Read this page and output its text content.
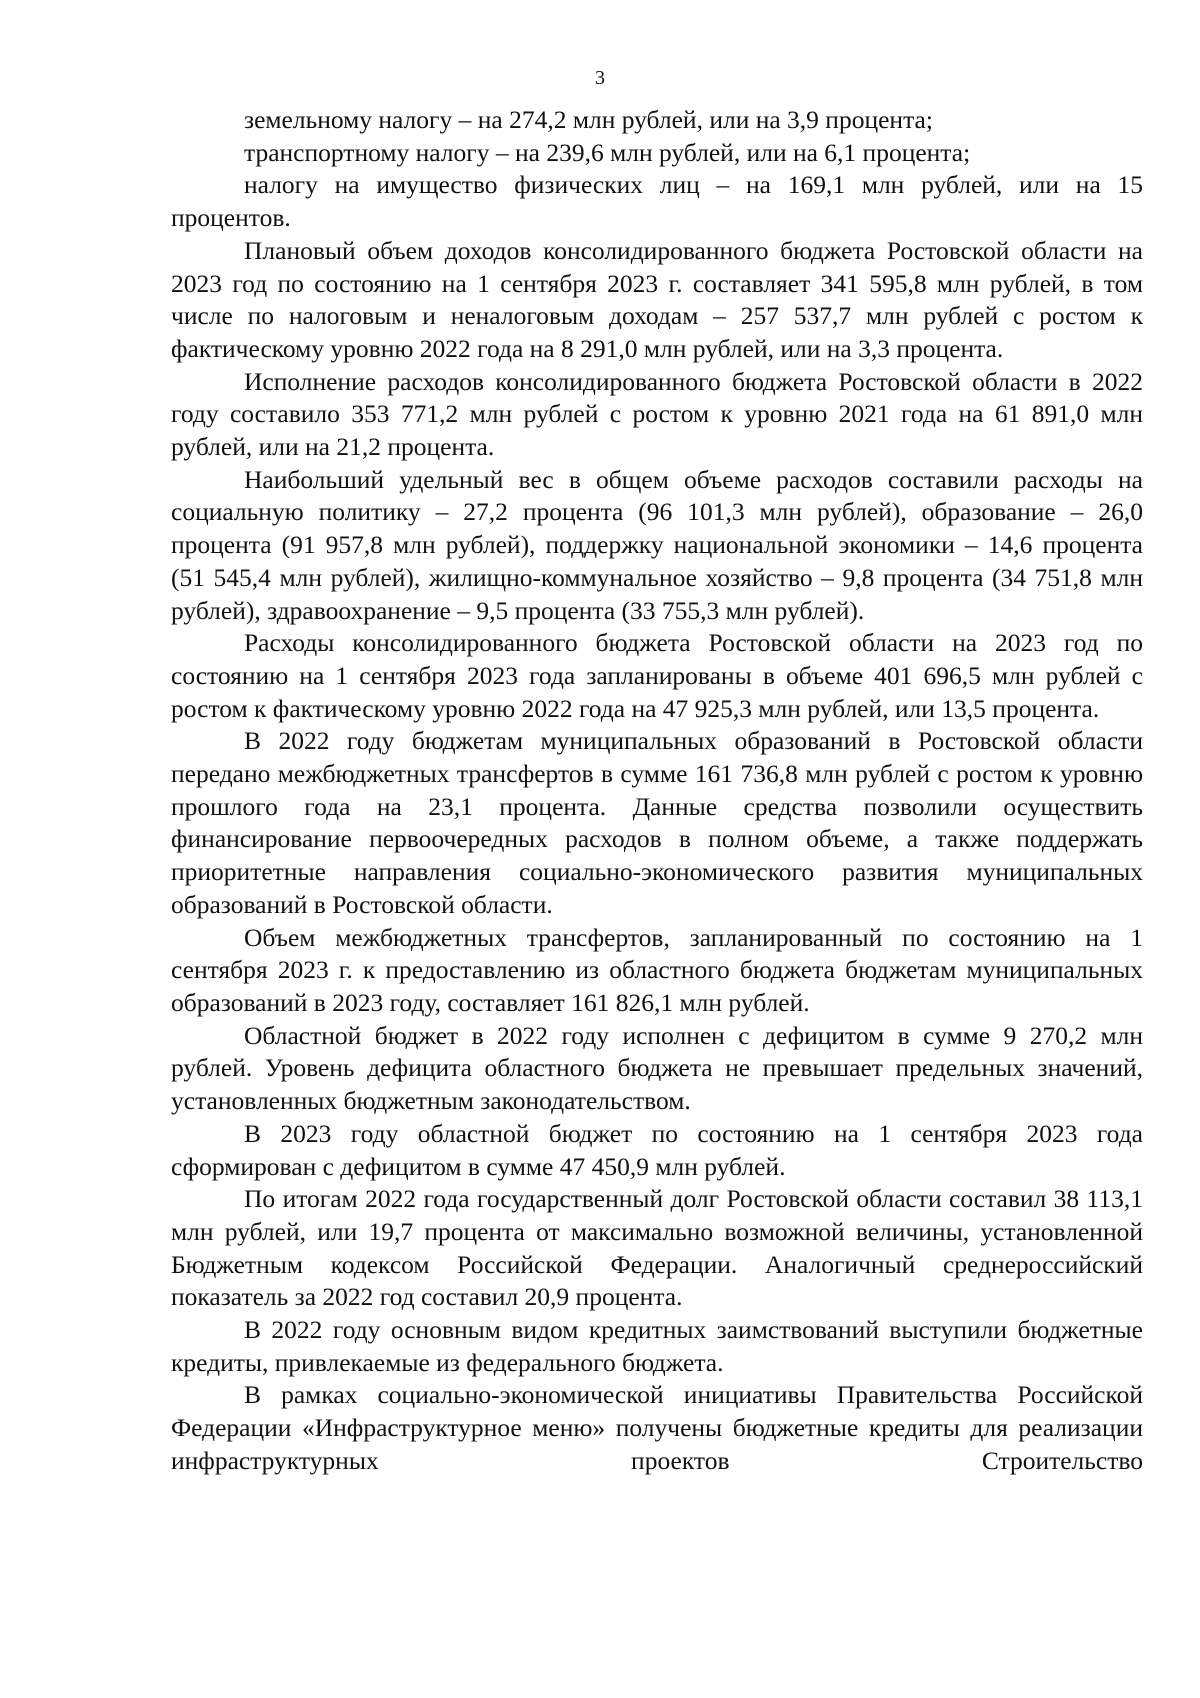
3

земельному налогу – на 274,2 млн рублей, или на 3,9 процента;

транспортному налогу – на 239,6 млн рублей, или на 6,1 процента;

налогу на имущество физических лиц – на 169,1 млн рублей, или на 15 процентов.

Плановый объем доходов консолидированного бюджета Ростовской области на 2023 год по состоянию на 1 сентября 2023 г. составляет 341 595,8 млн рублей, в том числе по налоговым и неналоговым доходам – 257 537,7 млн рублей с ростом к фактическому уровню 2022 года на 8 291,0 млн рублей, или на 3,3 процента.

Исполнение расходов консолидированного бюджета Ростовской области в 2022 году составило 353 771,2 млн рублей с ростом к уровню 2021 года на 61 891,0 млн рублей, или на 21,2 процента.

Наибольший удельный вес в общем объеме расходов составили расходы на социальную политику – 27,2 процента (96 101,3 млн рублей), образование – 26,0 процента (91 957,8 млн рублей), поддержку национальной экономики – 14,6 процента (51 545,4 млн рублей), жилищно-коммунальное хозяйство – 9,8 процента (34 751,8 млн рублей), здравоохранение – 9,5 процента (33 755,3 млн рублей).

Расходы консолидированного бюджета Ростовской области на 2023 год по состоянию на 1 сентября 2023 года запланированы в объеме 401 696,5 млн рублей с ростом к фактическому уровню 2022 года на 47 925,3 млн рублей, или 13,5 процента.

В 2022 году бюджетам муниципальных образований в Ростовской области передано межбюджетных трансфертов в сумме 161 736,8 млн рублей с ростом к уровню прошлого года на 23,1 процента. Данные средства позволили осуществить финансирование первоочередных расходов в полном объеме, а также поддержать приоритетные направления социально-экономического развития муниципальных образований в Ростовской области.

Объем межбюджетных трансфертов, запланированный по состоянию на 1 сентября 2023 г. к предоставлению из областного бюджета бюджетам муниципальных образований в 2023 году, составляет 161 826,1 млн рублей.

Областной бюджет в 2022 году исполнен с дефицитом в сумме 9 270,2 млн рублей. Уровень дефицита областного бюджета не превышает предельных значений, установленных бюджетным законодательством.

В 2023 году областной бюджет по состоянию на 1 сентября 2023 года сформирован с дефицитом в сумме 47 450,9 млн рублей.

По итогам 2022 года государственный долг Ростовской области составил 38 113,1 млн рублей, или 19,7 процента от максимально возможной величины, установленной Бюджетным кодексом Российской Федерации. Аналогичный среднероссийский показатель за 2022 год составил 20,9 процента.

В 2022 году основным видом кредитных заимствований выступили бюджетные кредиты, привлекаемые из федерального бюджета.

В рамках социально-экономической инициативы Правительства Российской Федерации «Инфраструктурное меню» получены бюджетные кредиты для реализации инфраструктурных проектов Строительство
